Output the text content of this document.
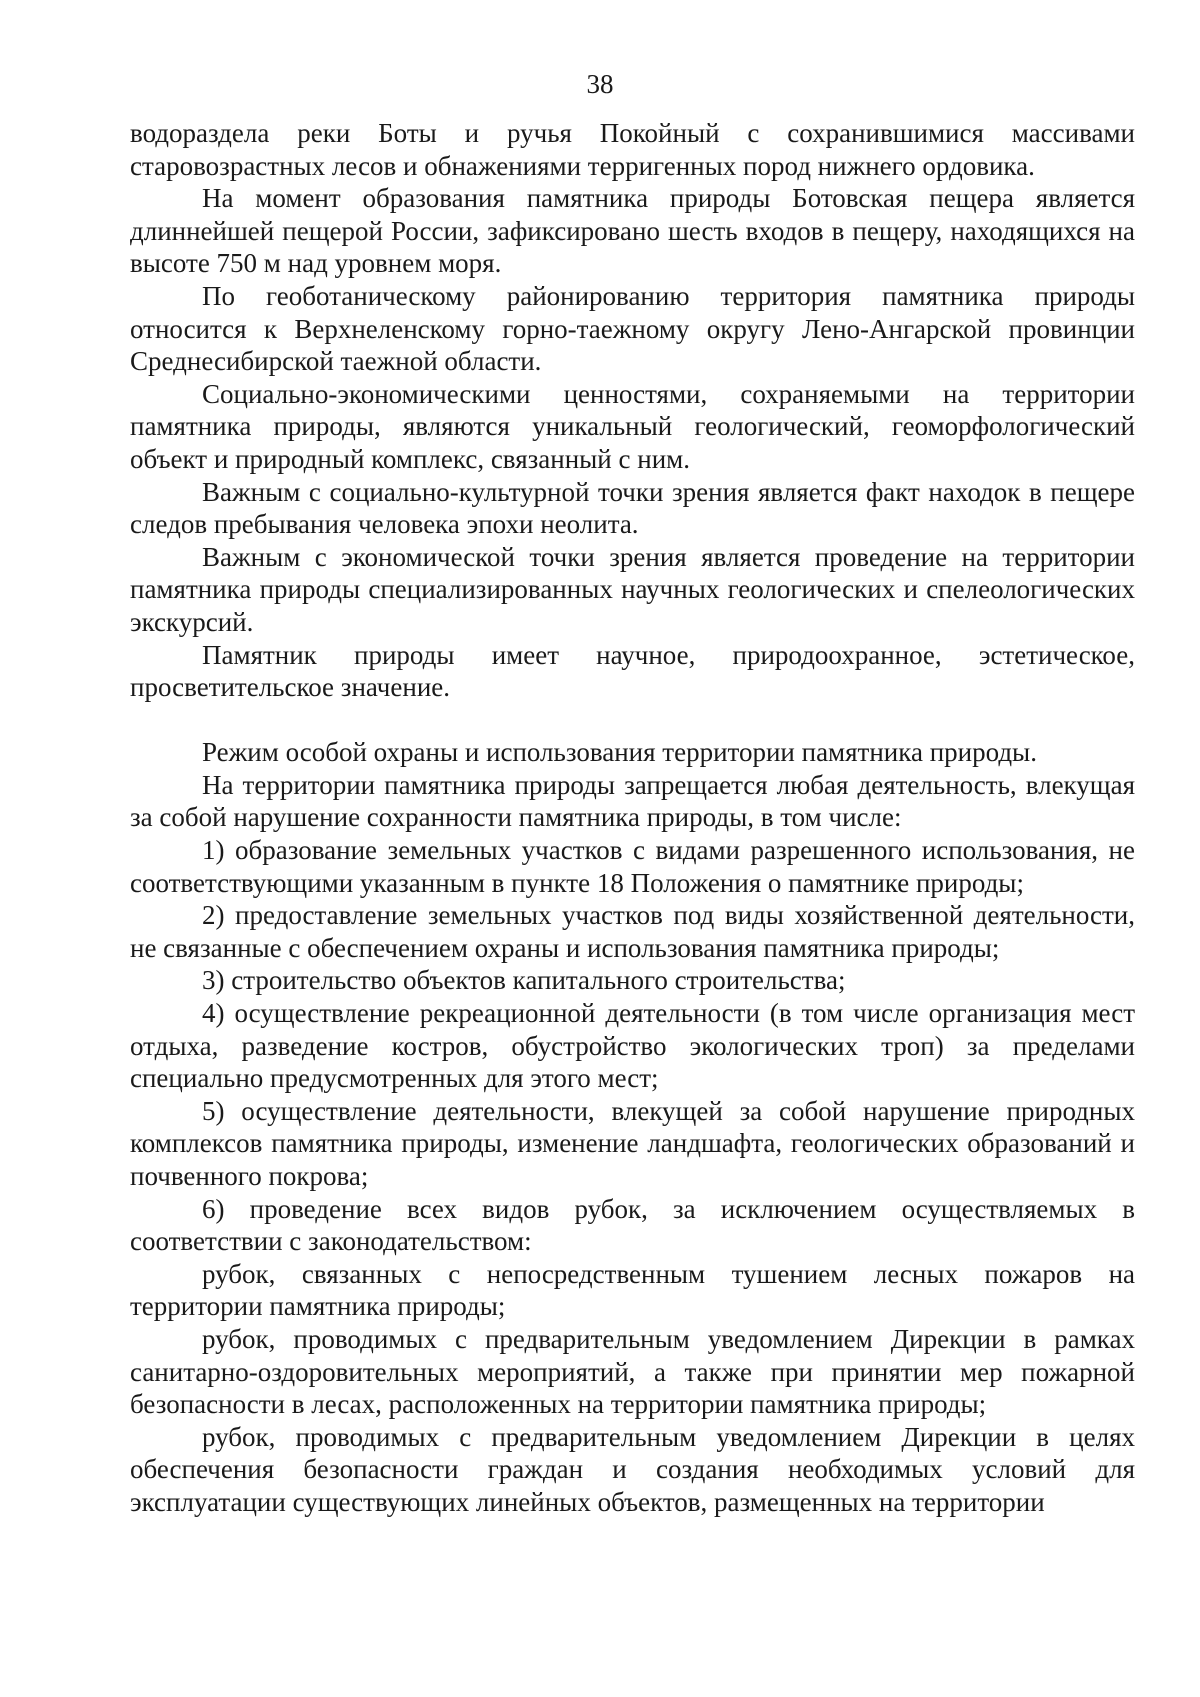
38

водораздела реки Боты и ручья Покойный с сохранившимися массивами старовозрастных лесов и обнажениями терригенных пород нижнего ордовика.

На момент образования памятника природы Ботовская пещера является длиннейшей пещерой России, зафиксировано шесть входов в пещеру, находящихся на высоте 750 м над уровнем моря.

По геоботаническому районированию территория памятника природы относится к Верхнеленскому горно-таежному округу Лено-Ангарской провинции Среднесибирской таежной области.

Социально-экономическими ценностями, сохраняемыми на территории памятника природы, являются уникальный геологический, геоморфологический объект и природный комплекс, связанный с ним.

Важным с социально-культурной точки зрения является факт находок в пещере следов пребывания человека эпохи неолита.

Важным с экономической точки зрения является проведение на территории памятника природы специализированных научных геологических и спелеологических экскурсий.

Памятник природы имеет научное, природоохранное, эстетическое, просветительское значение.

Режим особой охраны и использования территории памятника природы.

На территории памятника природы запрещается любая деятельность, влекущая за собой нарушение сохранности памятника природы, в том числе:

1) образование земельных участков с видами разрешенного использования, не соответствующими указанным в пункте 18 Положения о памятнике природы;

2) предоставление земельных участков под виды хозяйственной деятельности, не связанные с обеспечением охраны и использования памятника природы;

3) строительство объектов капитального строительства;

4) осуществление рекреационной деятельности (в том числе организация мест отдыха, разведение костров, обустройство экологических троп) за пределами специально предусмотренных для этого мест;

5) осуществление деятельности, влекущей за собой нарушение природных комплексов памятника природы, изменение ландшафта, геологических образований и почвенного покрова;

6) проведение всех видов рубок, за исключением осуществляемых в соответствии с законодательством:

рубок, связанных с непосредственным тушением лесных пожаров на территории памятника природы;

рубок, проводимых с предварительным уведомлением Дирекции в рамках санитарно-оздоровительных мероприятий, а также при принятии мер пожарной безопасности в лесах, расположенных на территории памятника природы;

рубок, проводимых с предварительным уведомлением Дирекции в целях обеспечения безопасности граждан и создания необходимых условий для эксплуатации существующих линейных объектов, размещенных на территории
